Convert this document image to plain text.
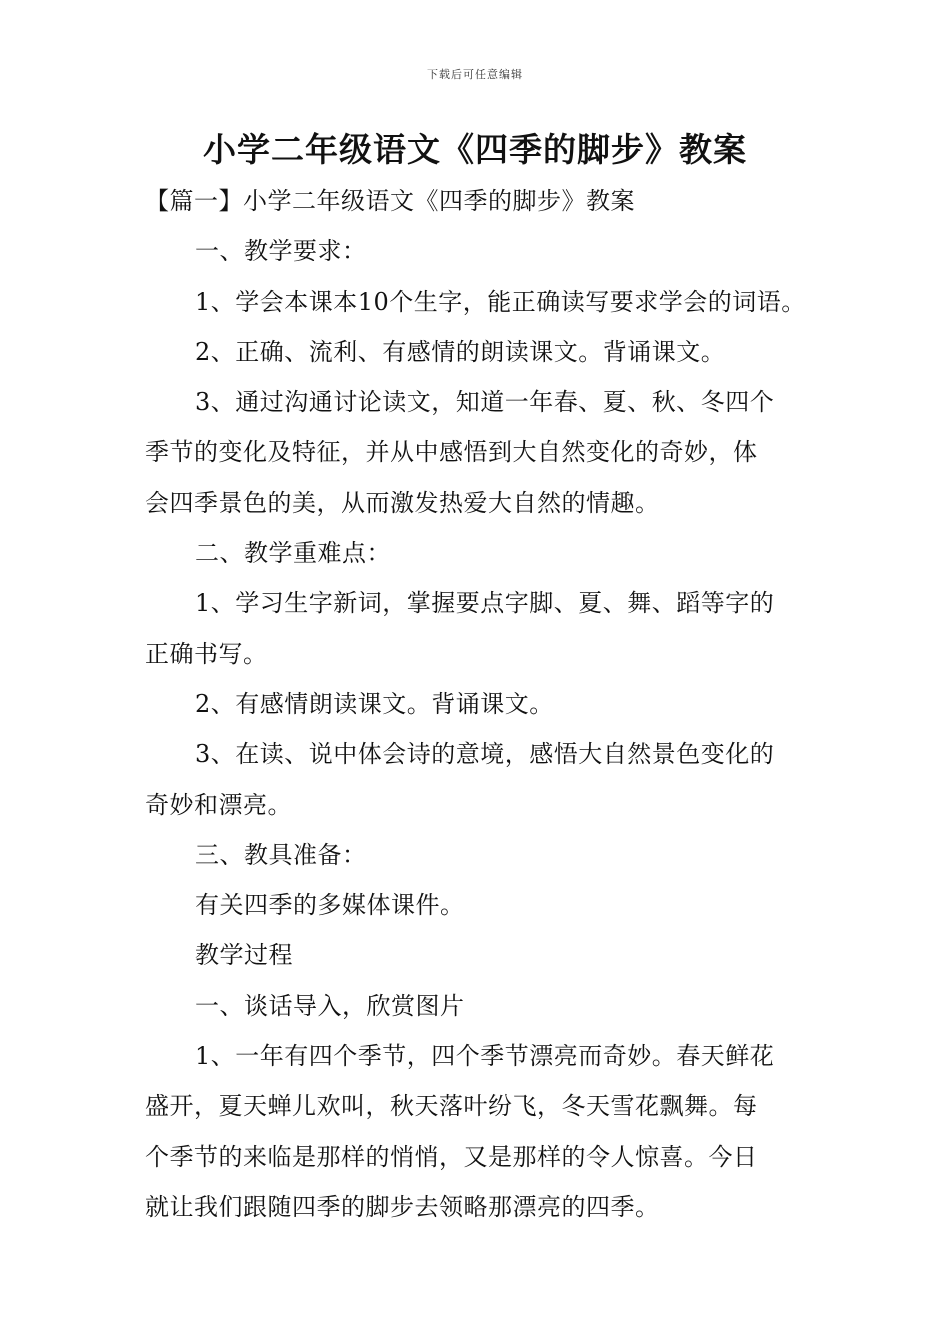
下载后可任意编辑
小学二年级语文《四季的脚步》教案
【篇一】小学二年级语文《四季的脚步》教案
一、教学要求：
1、学会本课本10个生字，能正确读写要求学会的词语。
2、正确、流利、有感情的朗读课文。背诵课文。
3、通过沟通讨论读文，知道一年春、夏、秋、冬四个
季节的变化及特征，并从中感悟到大自然变化的奇妙，体
会四季景色的美，从而激发热爱大自然的情趣。
二、教学重难点：
1、学习生字新词，掌握要点字脚、夏、舞、蹈等字的
正确书写。
2、有感情朗读课文。背诵课文。
3、在读、说中体会诗的意境，感悟大自然景色变化的
奇妙和漂亮。
三、教具准备：
有关四季的多媒体课件。
教学过程
一、谈话导入，欣赏图片
1、一年有四个季节，四个季节漂亮而奇妙。春天鲜花
盛开，夏天蝉儿欢叫，秋天落叶纷飞，冬天雪花飘舞。每
个季节的来临是那样的悄悄，又是那样的令人惊喜。今日
就让我们跟随四季的脚步去领略那漂亮的四季。
